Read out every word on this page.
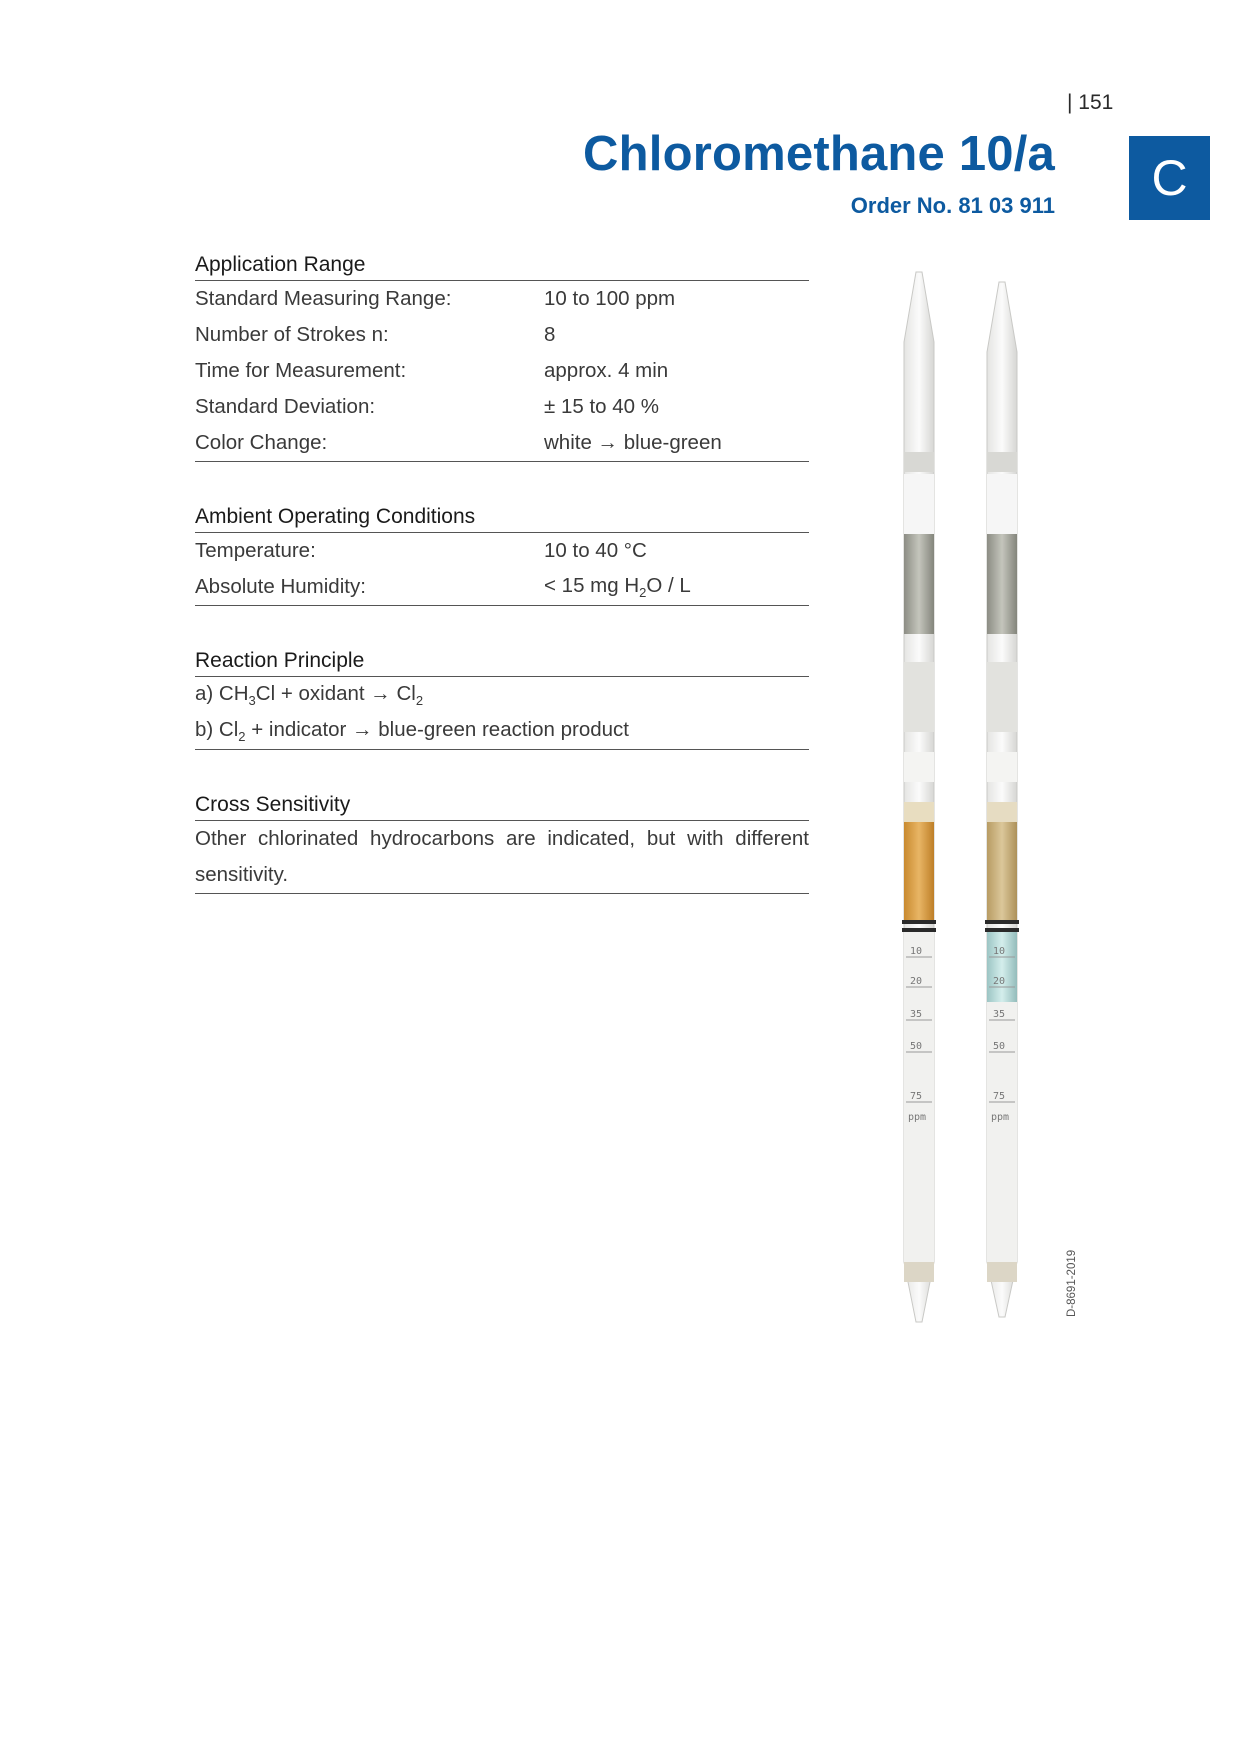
| 151
Chloromethane 10/a
Order No. 81 03 911	C
Application Range
Standard Measuring Range:	10 to 100 ppm
Number of Strokes n:	8
Time for Measurement:	approx. 4 min
Standard Deviation:	± 15 to 40 %
Color Change:	white → blue-green
Ambient Operating Conditions
Temperature:	10 to 40 °C
Absolute Humidity:	< 15 mg $H_2O$ / L
Reaction Principle
a) $CH_3Cl$ + oxidant → $Cl_2$
b) $Cl_2$ + indicator → blue-green reaction product
Cross Sensitivity
Other chlorinated hydrocarbons are indicated, but with different sensitivity.
10
20
35
50
75
ppm
10
20
35
50
75
ppm
D-8691-2019
